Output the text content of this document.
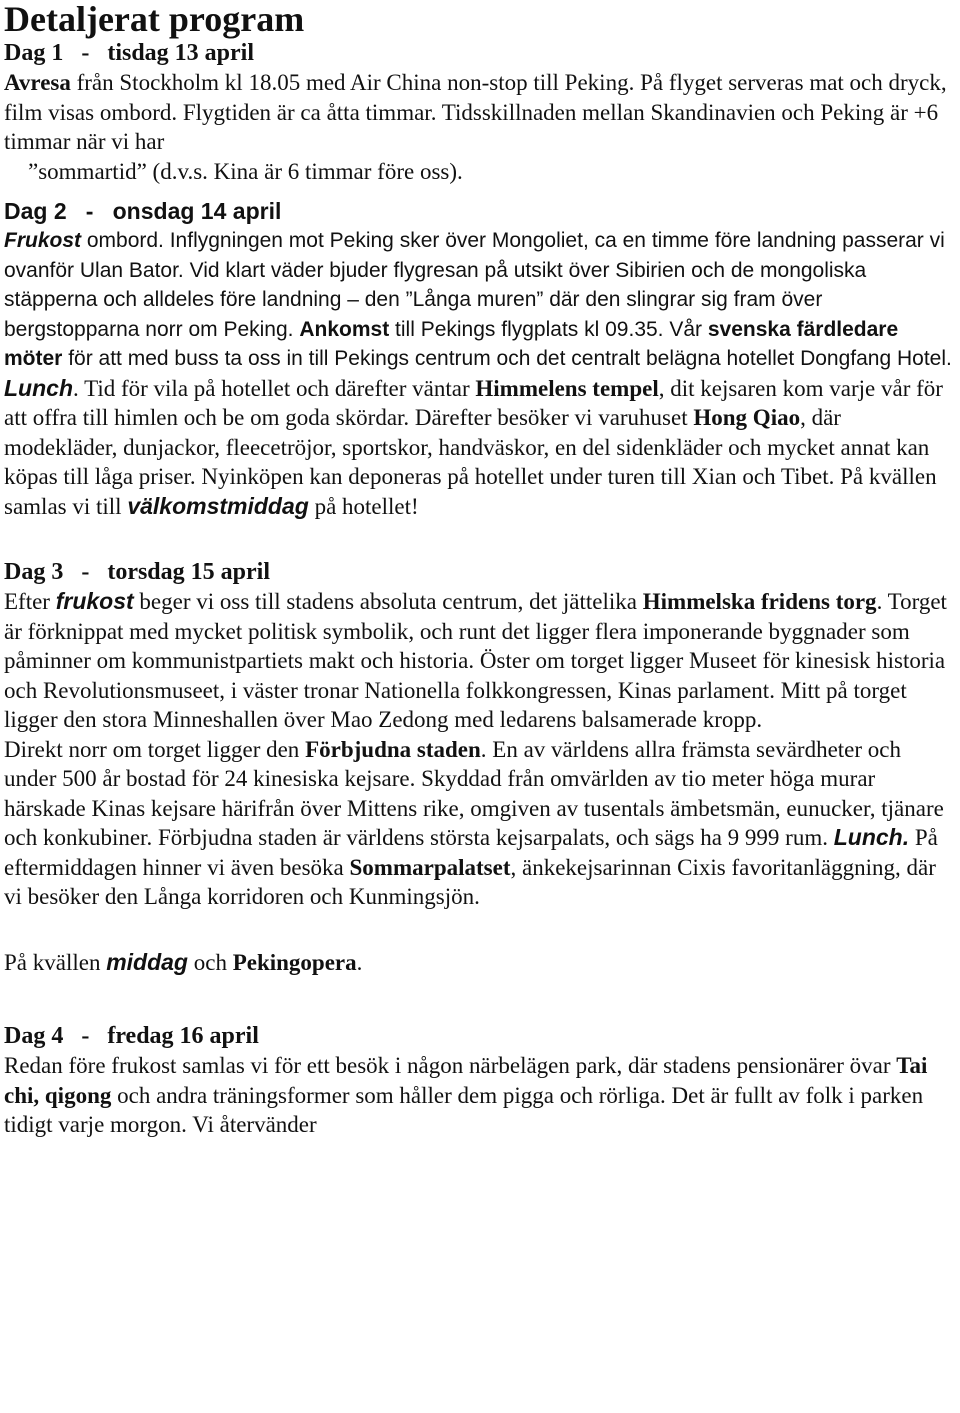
Detaljerat program
Dag 1   -   tisdag 13 april

Avresa från Stockholm kl 18.05 med Air China non-stop till Peking. På flyget serveras mat och dryck, film visas ombord. Flygtiden är ca åtta timmar. Tidsskillnaden mellan Skandinavien och Peking är +6 timmar när vi har

”sommartid” (d.v.s. Kina är 6 timmar före oss).

Dag 2   -   onsdag 14 april

Frukost ombord. Inflygningen mot Peking sker över Mongoliet, ca en timme före landning passerar vi ovanför Ulan Bator. Vid klart väder bjuder flygresan på utsikt över Sibirien och de mongoliska stäpperna och alldeles före landning – den ”Långa muren” där den slingrar sig fram över bergstopparna norr om Peking. Ankomst till Pekings flygplats kl 09.35. Vår svenska färdledare möter för att med buss ta oss in till Pekings centrum och det centralt belägna hotellet Dongfang Hotel.

Lunch. Tid för vila på hotellet och därefter väntar Himmelens tempel, dit kejsaren kom varje vår för att offra till himlen och be om goda skördar. Därefter besöker vi varuhuset Hong Qiao, där modekläder, dunjackor, fleecetröjor, sportskor, handväskor, en del sidenkläder och mycket annat kan köpas till låga priser. Nyinköpen kan deponeras på hotellet under turen till Xian och Tibet. På kvällen samlas vi till välkomstmiddag på hotellet!

Dag 3   -   torsdag 15 april

Efter frukost beger vi oss till stadens absoluta centrum, det jättelika Himmelska fridens torg. Torget är förknippat med mycket politisk symbolik, och runt det ligger flera imponerande byggnader som påminner om kommunistpartiets makt och historia. Öster om torget ligger Museet för kinesisk historia och Revolutionsmuseet, i väster tronar Nationella folkkongressen, Kinas parlament. Mitt på torget ligger den stora Minneshallen över Mao Zedong med ledarens balsamerade kropp.

Direkt norr om torget ligger den Förbjudna staden. En av världens allra främsta sevärdheter och under 500 år bostad för 24 kinesiska kejsare. Skyddad från omvärlden av tio meter höga murar härskade Kinas kejsare härifrån över Mittens rike, omgiven av tusentals ämbetsmän, eunucker, tjänare och konkubiner. Förbjudna staden är världens största kejsarpalats, och sägs ha 9 999 rum. Lunch. På eftermiddagen hinner vi även besöka Sommarpalatset, änkekejsarinnan Cixis favoritanläggning, där vi besöker den Långa korridoren och Kunmingsjön.

På kvällen middag och Pekingopera.

Dag 4   -   fredag 16 april

Redan före frukost samlas vi för ett besök i någon närbelägen park, där stadens pensionärer övar Tai chi, qigong och andra träningsformer som håller dem pigga och rörliga. Det är fullt av folk i parken tidigt varje morgon. Vi återvänder
